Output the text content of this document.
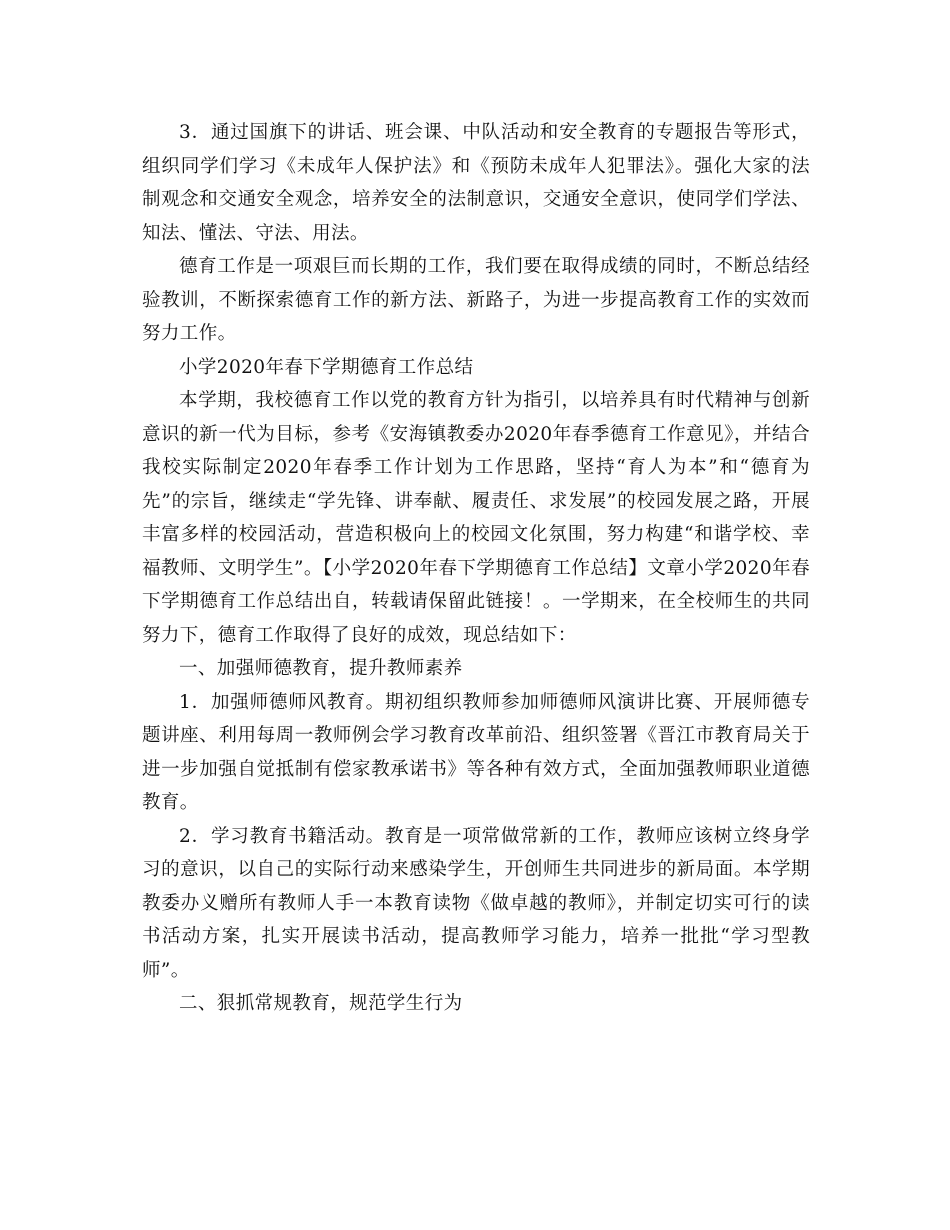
3．通过国旗下的讲话、班会课、中队活动和安全教育的专题报告等形式，组织同学们学习《未成年人保护法》和《预防未成年人犯罪法》。强化大家的法制观念和交通安全观念，培养安全的法制意识，交通安全意识，使同学们学法、知法、懂法、守法、用法。

德育工作是一项艰巨而长期的工作，我们要在取得成绩的同时，不断总结经验教训，不断探索德育工作的新方法、新路子，为进一步提高教育工作的实效而努力工作。

小学2020年春下学期德育工作总结

本学期，我校德育工作以党的教育方针为指引，以培养具有时代精神与创新意识的新一代为目标，参考《安海镇教委办2020年春季德育工作意见》，并结合我校实际制定2020年春季工作计划为工作思路，坚持“育人为本”和“德育为先”的宗旨，继续走“学先锋、讲奉献、履责任、求发展”的校园发展之路，开展丰富多样的校园活动，营造积极向上的校园文化氛围，努力构建“和谐学校、幸福教师、文明学生”。【小学2020年春下学期德育工作总结】文章小学2020年春下学期德育工作总结出自，转载请保留此链接！。一学期来，在全校师生的共同努力下，德育工作取得了良好的成效，现总结如下：

一、加强师德教育，提升教师素养

1．加强师德师风教育。期初组织教师参加师德师风演讲比赛、开展师德专题讲座、利用每周一教师例会学习教育改革前沿、组织签署《晋江市教育局关于进一步加强自觉抵制有偿家教承诺书》等各种有效方式，全面加强教师职业道德教育。

2．学习教育书籍活动。教育是一项常做常新的工作，教师应该树立终身学习的意识，以自己的实际行动来感染学生，开创师生共同进步的新局面。本学期教委办义赠所有教师人手一本教育读物《做卓越的教师》，并制定切实可行的读书活动方案，扎实开展读书活动，提高教师学习能力，培养一批批“学习型教师”。

二、狠抓常规教育，规范学生行为
